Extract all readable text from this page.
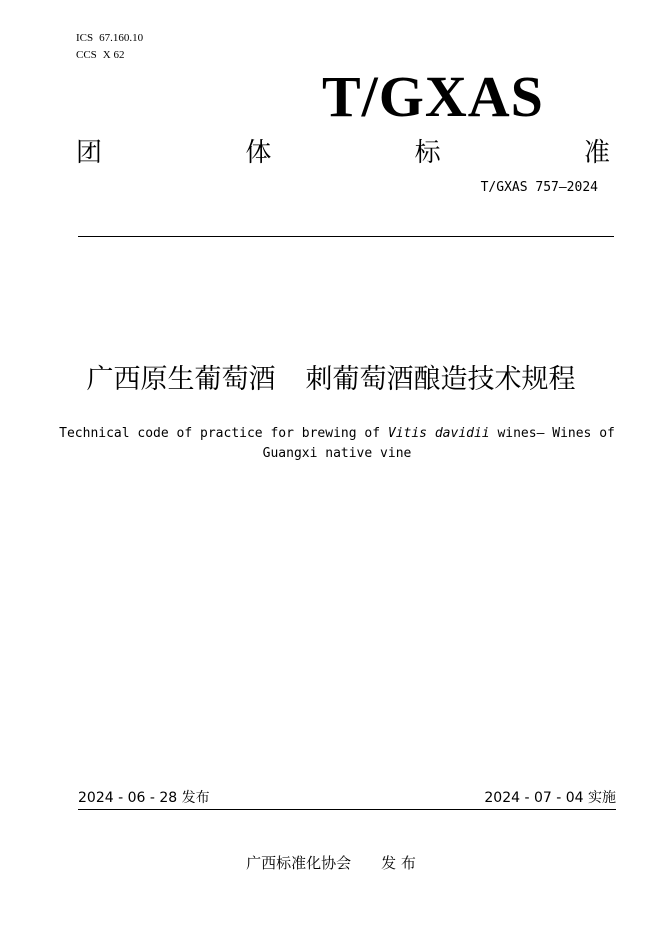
ICS 67.160.10
CCS X 62
T/GXAS
团	体	标	准
T/GXAS 757—2024
广西原生葡萄酒 刺葡萄酒酿造技术规程
Technical code of practice for brewing of Vitis davidii wines— Wines of Guangxi native vine
2024 - 06 - 28 发布	2024 - 07 - 04 实施
广西标准化协会 发 布
